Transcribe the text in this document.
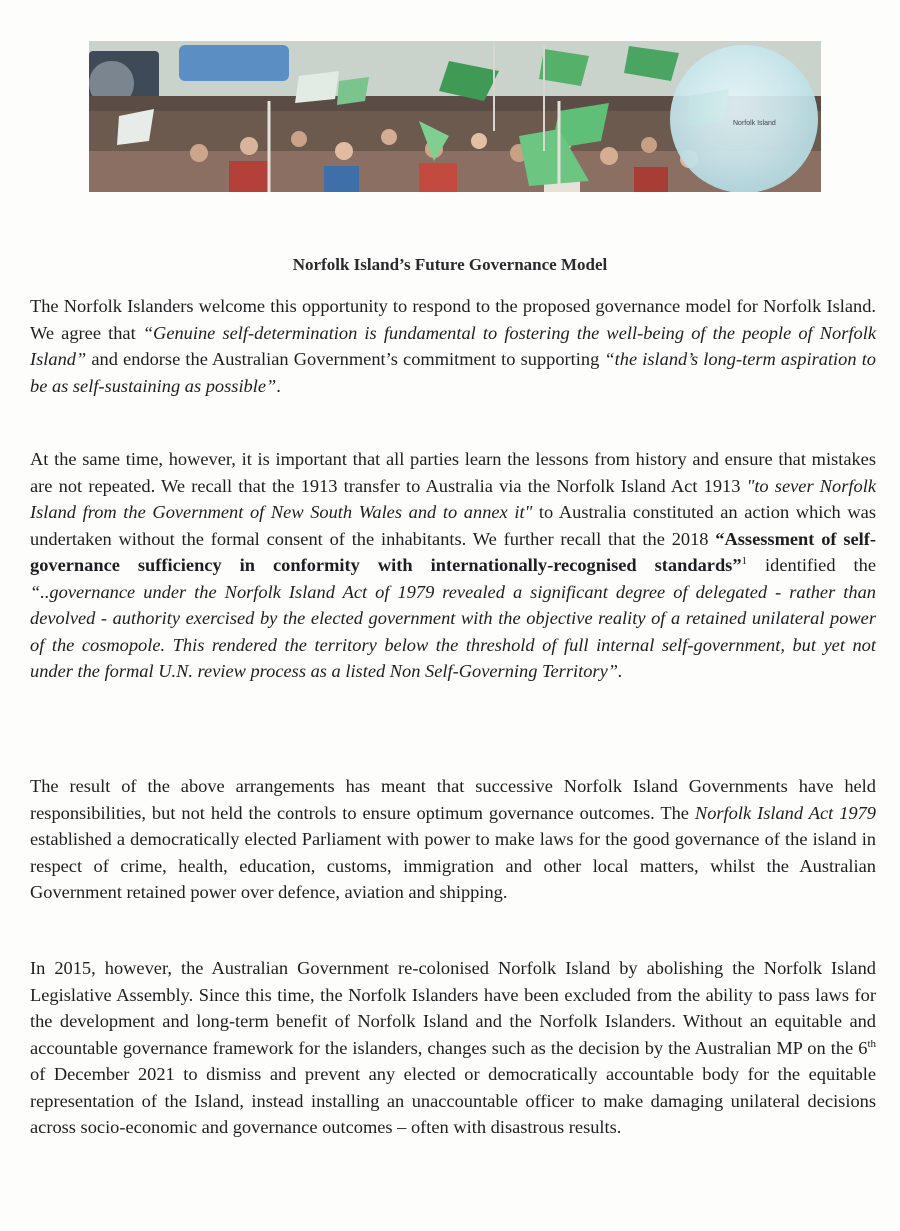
Norfolk Island
Norfolk Island’s Future Governance Model

The Norfolk Islanders welcome this opportunity to respond to the proposed governance model for Norfolk Island. We agree that “Genuine self-determination is fundamental to fostering the well-being of the people of Norfolk Island” and endorse the Australian Government’s commitment to supporting “the island’s long-term aspiration to be as self-sustaining as possible”.

At the same time, however, it is important that all parties learn the lessons from history and ensure that mistakes are not repeated. We recall that the 1913 transfer to Australia via the Norfolk Island Act 1913 "to sever Norfolk Island from the Government of New South Wales and to annex it" to Australia constituted an action which was undertaken without the formal consent of the inhabitants. We further recall that the 2018 “Assessment of self-governance sufficiency in conformity with internationally-recognised standards”$^1$ identified the “..governance under the Norfolk Island Act of 1979 revealed a significant degree of delegated - rather than devolved - authority exercised by the elected government with the objective reality of a retained unilateral power of the cosmopole. This rendered the territory below the threshold of full internal self-government, but yet not under the formal U.N. review process as a listed Non Self-Governing Territory”.

The result of the above arrangements has meant that successive Norfolk Island Governments have held responsibilities, but not held the controls to ensure optimum governance outcomes. The Norfolk Island Act 1979 established a democratically elected Parliament with power to make laws for the good governance of the island in respect of crime, health, education, customs, immigration and other local matters, whilst the Australian Government retained power over defence, aviation and shipping.

In 2015, however, the Australian Government re-colonised Norfolk Island by abolishing the Norfolk Island Legislative Assembly. Since this time, the Norfolk Islanders have been excluded from the ability to pass laws for the development and long-term benefit of Norfolk Island and the Norfolk Islanders. Without an equitable and accountable governance framework for the islanders, changes such as the decision by the Australian MP on the 6th of December 2021 to dismiss and prevent any elected or democratically accountable body for the equitable representation of the Island, instead installing an unaccountable officer to make damaging unilateral decisions across socio-economic and governance outcomes – often with disastrous results.
